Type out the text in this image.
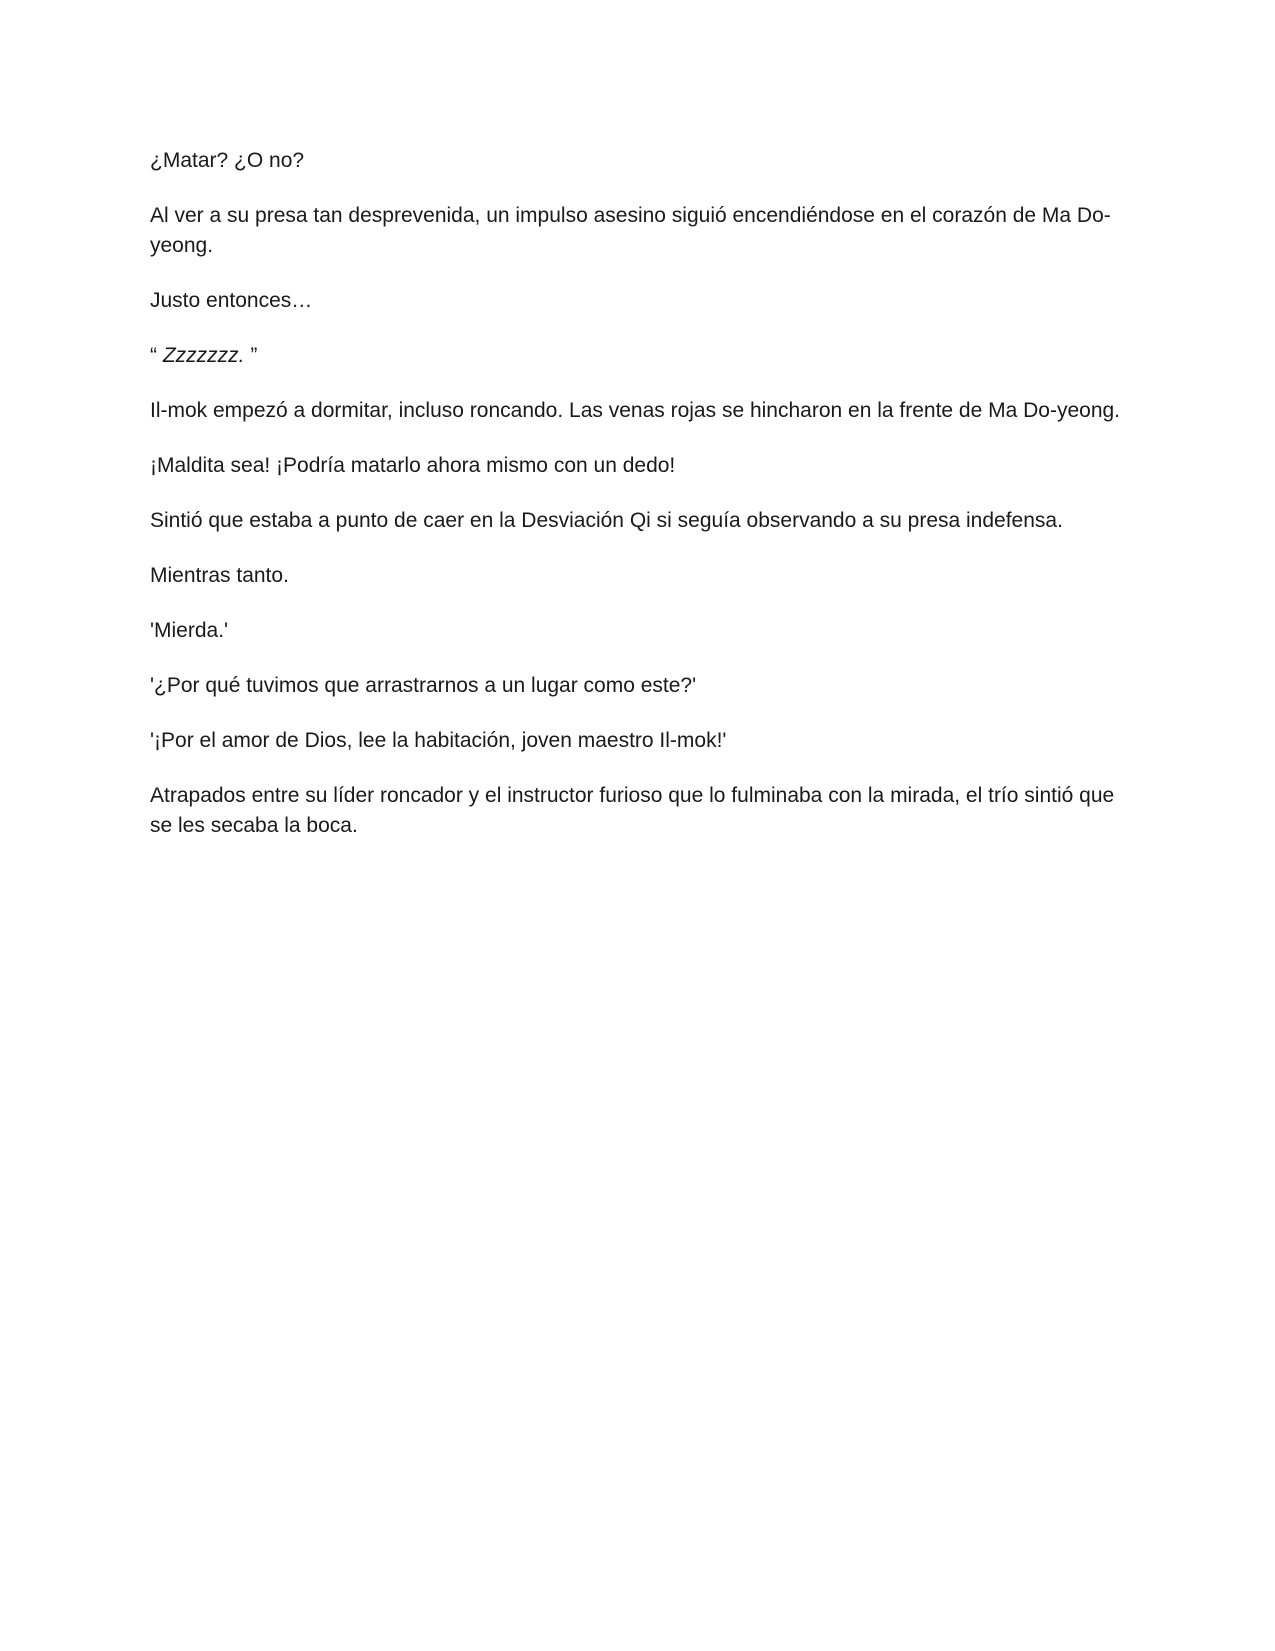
¿Matar? ¿O no?

Al ver a su presa tan desprevenida, un impulso asesino siguió encendiéndose en el corazón de Ma Do-yeong.

Justo entonces…

“ Zzzzzzz. ”

Il-mok empezó a dormitar, incluso roncando. Las venas rojas se hincharon en la frente de Ma Do-yeong.

¡Maldita sea! ¡Podría matarlo ahora mismo con un dedo!

Sintió que estaba a punto de caer en la Desviación Qi si seguía observando a su presa indefensa.

Mientras tanto.

'Mierda.'

'¿Por qué tuvimos que arrastrarnos a un lugar como este?'

'¡Por el amor de Dios, lee la habitación, joven maestro Il-mok!'

Atrapados entre su líder roncador y el instructor furioso que lo fulminaba con la mirada, el trío sintió que se les secaba la boca.
